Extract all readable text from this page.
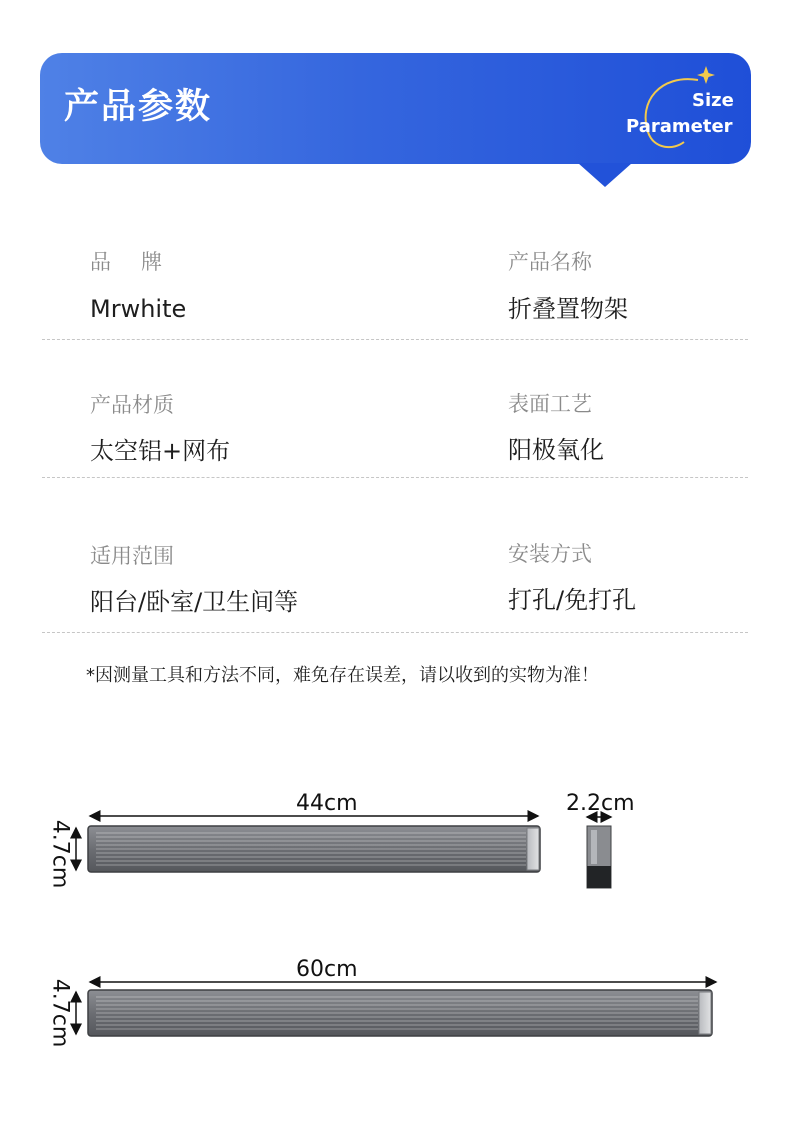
产品参数	Size
Parameter
品牌
Mrwhite
产品名称
折叠置物架
产品材质
太空铝+网布
表面工艺
阳极氧化
适用范围
阳台/卧室/卫生间等
安装方式
打孔/免打孔
*因测量工具和方法不同，难免存在误差，请以收到的实物为准！
44cm	2.2cm
4.7cm
60cm
4.7cm
